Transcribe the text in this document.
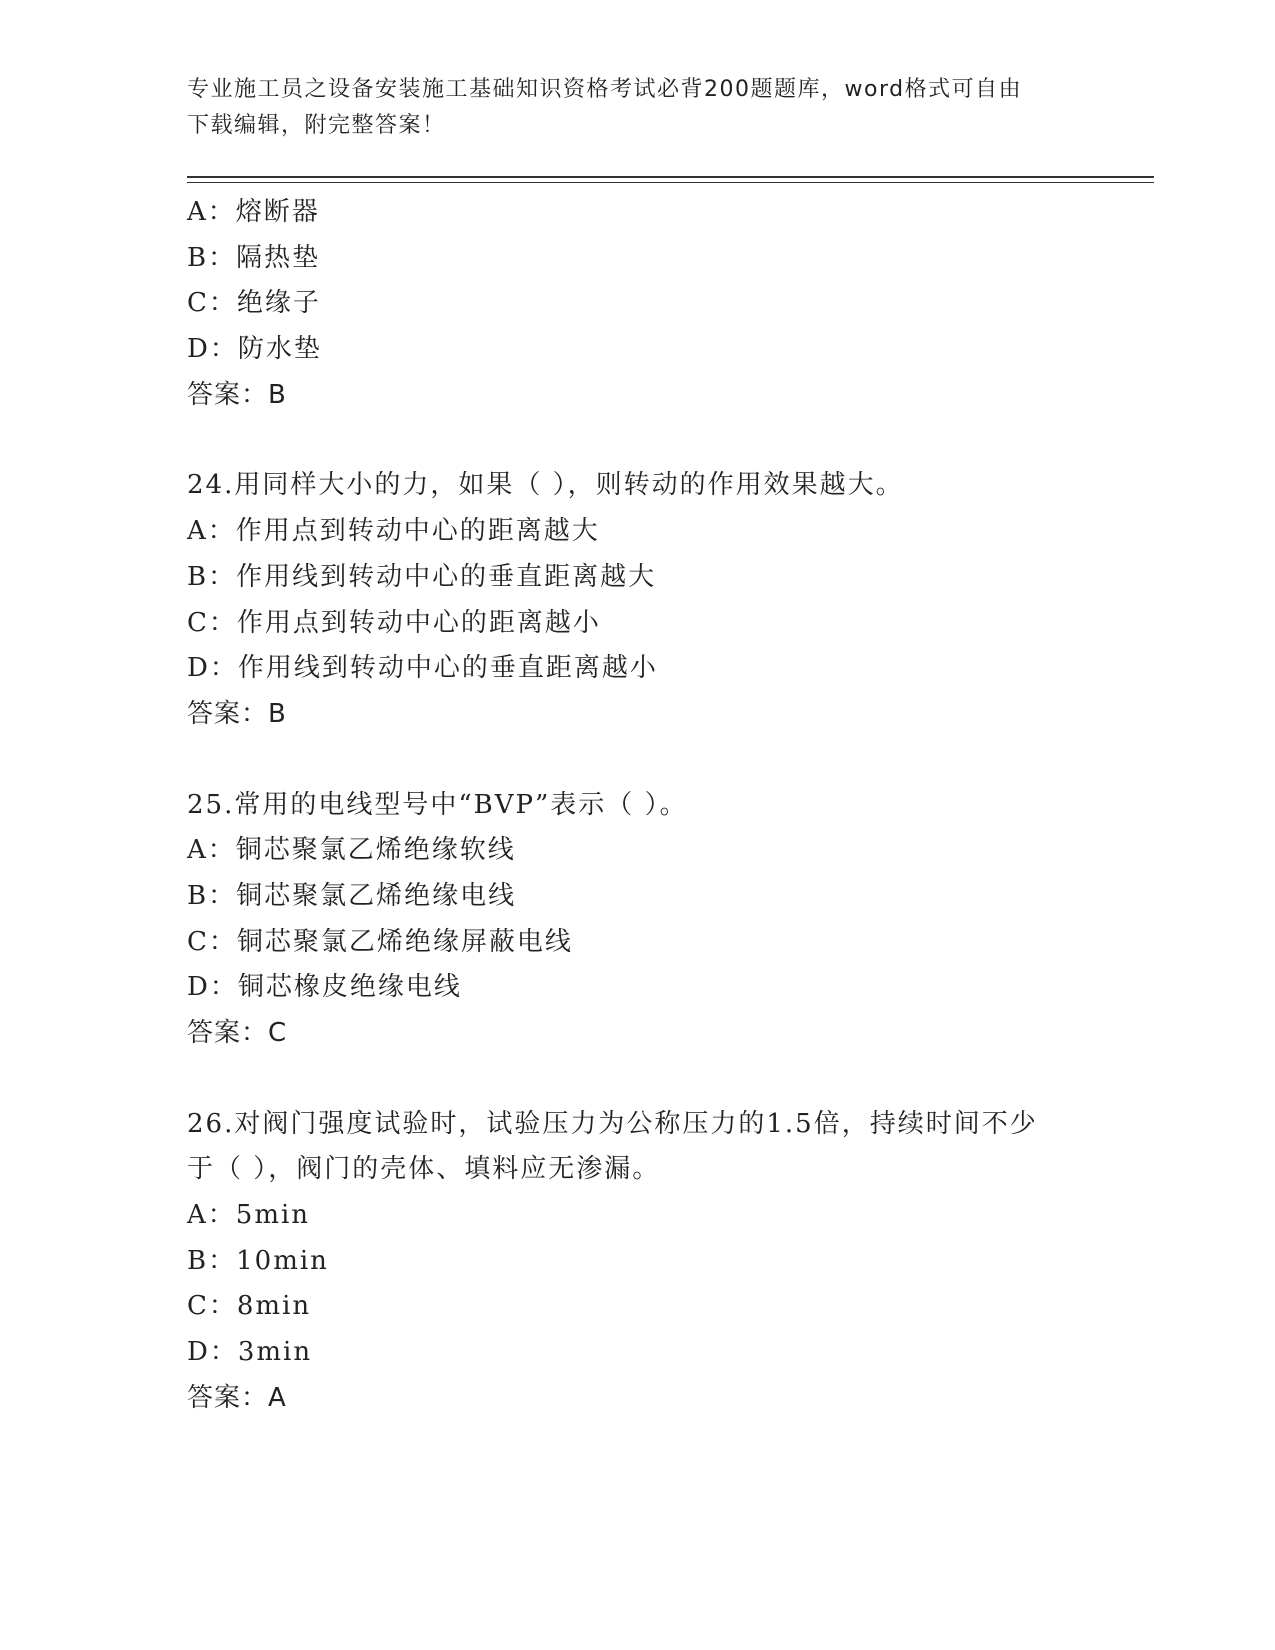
专业施工员之设备安装施工基础知识资格考试必背200题题库，word格式可自由
下载编辑，附完整答案！
A：熔断器
B：隔热垫
C：绝缘子
D：防水垫
答案：B
24.用同样大小的力，如果（ ），则转动的作用效果越大。
A：作用点到转动中心的距离越大
B：作用线到转动中心的垂直距离越大
C：作用点到转动中心的距离越小
D：作用线到转动中心的垂直距离越小
答案：B
25.常用的电线型号中“BVP”表示（ ）。
A：铜芯聚氯乙烯绝缘软线
B：铜芯聚氯乙烯绝缘电线
C：铜芯聚氯乙烯绝缘屏蔽电线
D：铜芯橡皮绝缘电线
答案：C
26.对阀门强度试验时，试验压力为公称压力的1.5倍，持续时间不少
于（ ），阀门的壳体、填料应无渗漏。
A：5min
B：10min
C：8min
D：3min
答案：A
